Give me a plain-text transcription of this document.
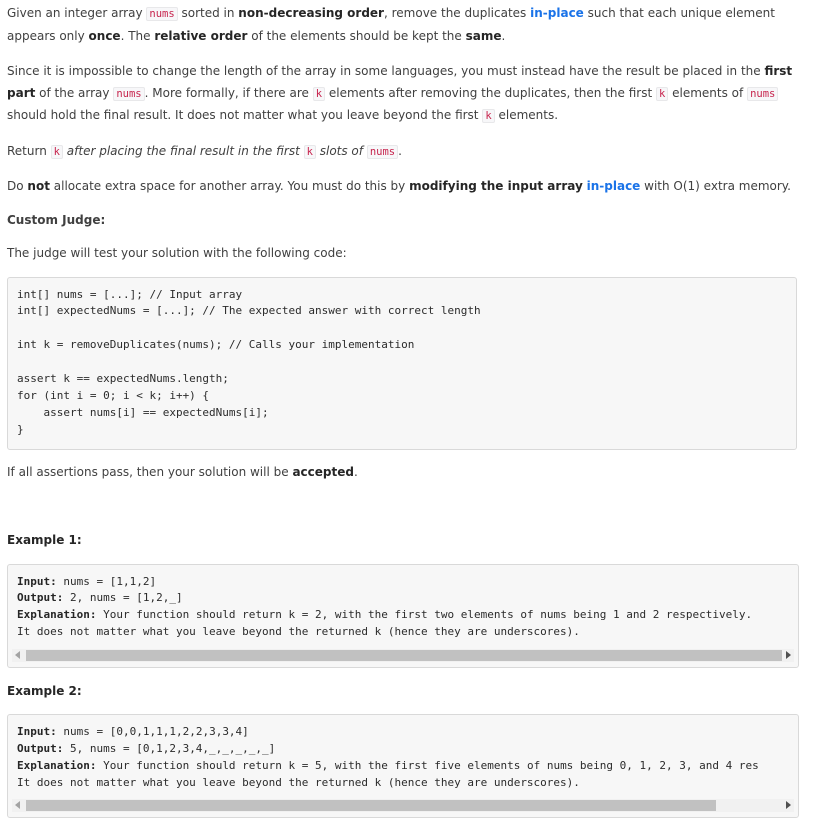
Given an integer array nums sorted in non-decreasing order, remove the duplicates in-place such that each unique element appears only once. The relative order of the elements should be kept the same.

Since it is impossible to change the length of the array in some languages, you must instead have the result be placed in the first part of the array nums . More formally, if there are k elements after removing the duplicates, then the first k elements of nums should hold the final result. It does not matter what you leave beyond the first k elements.

Return k after placing the final result in the first k slots of nums .

Do not allocate extra space for another array. You must do this by modifying the input array in-place with O(1) extra memory.

Custom Judge:

The judge will test your solution with the following code:

int[] nums = [...]; // Input array
int[] expectedNums = [...]; // The expected answer with correct length

int k = removeDuplicates(nums); // Calls your implementation

assert k == expectedNums.length;
for (int i = 0; i < k; i++) {
assert nums[i] == expectedNums[i];
}

If all assertions pass, then your solution will be accepted.

Example 1:

Input: nums = [1,1,2]
Output: 2, nums = [1,2,_]
Explanation: Your function should return k = 2, with the first two elements of nums being 1 and 2 respectively.
It does not matter what you leave beyond the returned k (hence they are underscores).

Example 2:

Input: nums = [0,0,1,1,1,2,2,3,3,4]
Output: 5, nums = [0,1,2,3,4,_,_,_,_,_]
Explanation: Your function should return k = 5, with the first five elements of nums being 0, 1, 2, 3, and 4 res
It does not matter what you leave beyond the returned k (hence they are underscores).
